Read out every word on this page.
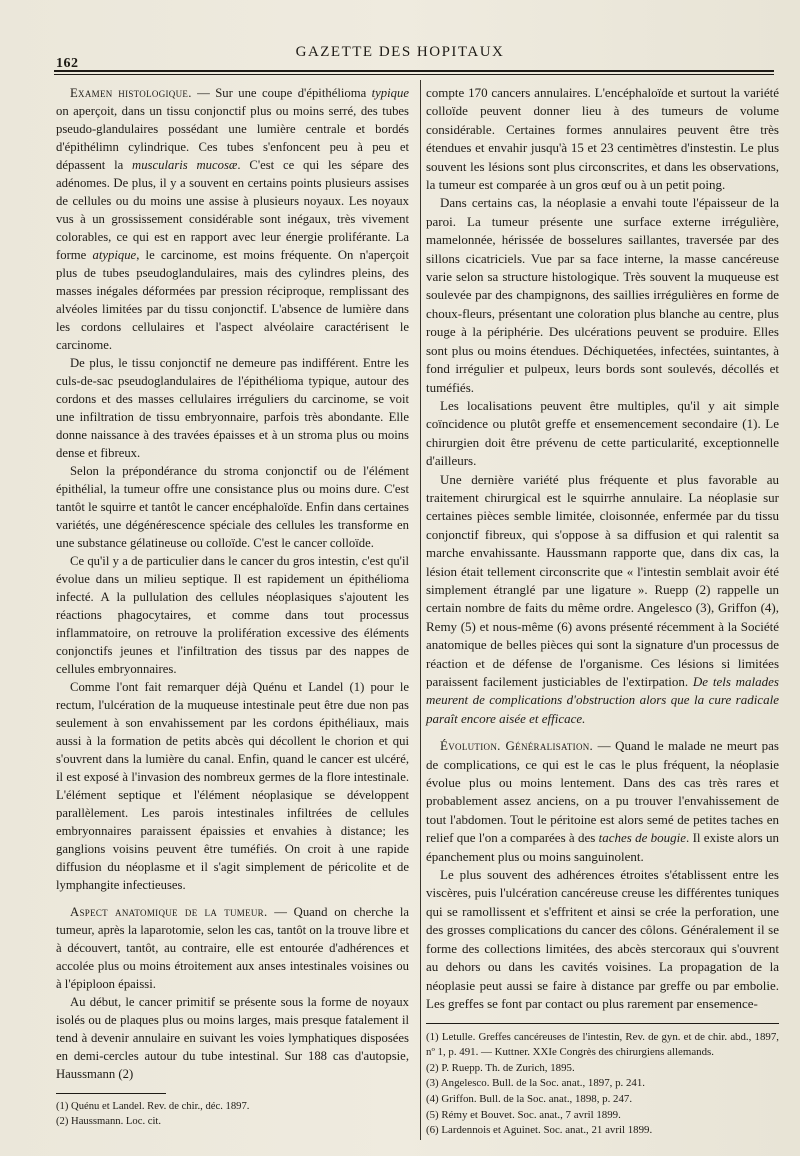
162
GAZETTE DES HOPITAUX

Examen histologique. — Sur une coupe d'épithélioma typique on aperçoit, dans un tissu conjonctif plus ou moins serré, des tubes pseudo-glandulaires possédant une lumière centrale et bordés d'épithélimn cylindrique. Ces tubes s'enfoncent peu à peu et dépassent la muscularis mucosæ. C'est ce qui les sépare des adénomes. De plus, il y a souvent en certains points plusieurs assises de cellules ou du moins une assise à plusieurs noyaux. Les noyaux vus à un grossissement considérable sont inégaux, très vivement colorables, ce qui est en rapport avec leur énergie proliférante. La forme atypique, le carcinome, est moins fréquente. On n'aperçoit plus de tubes pseudoglandulaires, mais des cylindres pleins, des masses inégales déformées par pression réciproque, remplissant des alvéoles limitées par du tissu conjonctif. L'absence de lumière dans les cordons cellulaires et l'aspect alvéolaire caractérisent le carcinome.

De plus, le tissu conjonctif ne demeure pas indifférent. Entre les culs-de-sac pseudoglandulaires de l'épithélioma typique, autour des cordons et des masses cellulaires irréguliers du carcinome, se voit une infiltration de tissu embryonnaire, parfois très abondante. Elle donne naissance à des travées épaisses et à un stroma plus ou moins dense et fibreux.

Selon la prépondérance du stroma conjonctif ou de l'élément épithélial, la tumeur offre une consistance plus ou moins dure. C'est tantôt le squirre et tantôt le cancer encéphaloïde. Enfin dans certaines variétés, une dégénérescence spéciale des cellules les transforme en une substance gélatineuse ou colloïde. C'est le cancer colloïde.

Ce qu'il y a de particulier dans le cancer du gros intestin, c'est qu'il évolue dans un milieu septique. Il est rapidement un épithélioma infecté. A la pullulation des cellules néoplasiques s'ajoutent les réactions phagocytaires, et comme dans tout processus inflammatoire, on retrouve la prolifération excessive des éléments conjonctifs jeunes et l'infiltration des tissus par des nappes de cellules embryonnaires.

Comme l'ont fait remarquer déjà Quénu et Landel (1) pour le rectum, l'ulcération de la muqueuse intestinale peut être due non pas seulement à son envahissement par les cordons épithéliaux, mais aussi à la formation de petits abcès qui décollent le chorion et qui s'ouvrent dans la lumière du canal. Enfin, quand le cancer est ulcéré, il est exposé à l'invasion des nombreux germes de la flore intestinale. L'élément septique et l'élément néoplasique se développent parallèlement. Les parois intestinales infiltrées de cellules embryonnaires paraissent épaissies et envahies à distance; les ganglions voisins peuvent être tuméfiés. On croit à une rapide diffusion du néoplasme et il s'agit simplement de péricolite et de lymphangite infectieuses.

Aspect anatomique de la tumeur. — Quand on cherche la tumeur, après la laparotomie, selon les cas, tantôt on la trouve libre et à découvert, tantôt, au contraire, elle est entourée d'adhérences et accolée plus ou moins étroitement aux anses intestinales voisines ou à l'épiploon épaissi.

Au début, le cancer primitif se présente sous la forme de noyaux isolés ou de plaques plus ou moins larges, mais presque fatalement il tend à devenir annulaire en suivant les voies lymphatiques disposées en demi-cercles autour du tube intestinal. Sur 188 cas d'autopsie, Haussmann (2)

(1) Quénu et Landel. Rev. de chir., déc. 1897.
(2) Haussmann. Loc. cit.

compte 170 cancers annulaires. L'encéphaloïde et surtout la variété colloïde peuvent donner lieu à des tumeurs de volume considérable. Certaines formes annulaires peuvent être très étendues et envahir jusqu'à 15 et 23 centimètres d'instestin. Le plus souvent les lésions sont plus circonscrites, et dans les observations, la tumeur est comparée à un gros œuf ou à un petit poing.

Dans certains cas, la néoplasie a envahi toute l'épaisseur de la paroi. La tumeur présente une surface externe irrégulière, mamelonnée, hérissée de bosselures saillantes, traversée par des sillons cicatriciels. Vue par sa face interne, la masse cancéreuse varie selon sa structure histologique. Très souvent la muqueuse est soulevée par des champignons, des saillies irrégulières en forme de choux-fleurs, présentant une coloration plus blanche au centre, plus rouge à la périphérie. Des ulcérations peuvent se produire. Elles sont plus ou moins étendues. Déchiquetées, infectées, suintantes, à fond irrégulier et pulpeux, leurs bords sont soulevés, décollés et tuméfiés.

Les localisations peuvent être multiples, qu'il y ait simple coïncidence ou plutôt greffe et ensemencement secondaire (1). Le chirurgien doit être prévenu de cette particularité, exceptionnelle d'ailleurs.

Une dernière variété plus fréquente et plus favorable au traitement chirurgical est le squirrhe annulaire. La néoplasie sur certaines pièces semble limitée, cloisonnée, enfermée par du tissu conjonctif fibreux, qui s'oppose à sa diffusion et qui ralentit sa marche envahissante. Haussmann rapporte que, dans dix cas, la lésion était tellement circonscrite que « l'intestin semblait avoir été simplement étranglé par une ligature ». Ruepp (2) rappelle un certain nombre de faits du même ordre. Angelesco (3), Griffon (4), Remy (5) et nous-même (6) avons présenté récemment à la Société anatomique de belles pièces qui sont la signature d'un processus de réaction et de défense de l'organisme. Ces lésions si limitées paraissent facilement justiciables de l'extirpation. De tels malades meurent de complications d'obstruction alors que la cure radicale paraît encore aisée et efficace.

Évolution. Généralisation. — Quand le malade ne meurt pas de complications, ce qui est le cas le plus fréquent, la néoplasie évolue plus ou moins lentement. Dans des cas très rares et probablement assez anciens, on a pu trouver l'envahissement de tout l'abdomen. Tout le péritoine est alors semé de petites taches en relief que l'on a comparées à des taches de bougie. Il existe alors un épanchement plus ou moins sanguinolent.

Le plus souvent des adhérences étroites s'établissent entre les viscères, puis l'ulcération cancéreuse creuse les différentes tuniques qui se ramollissent et s'effritent et ainsi se crée la perforation, une des grosses complications du cancer des côlons. Généralement il se forme des collections limitées, des abcès stercoraux qui s'ouvrent au dehors ou dans les cavités voisines. La propagation de la néoplasie peut aussi se faire à distance par greffe ou par embolie. Les greffes se font par contact ou plus rarement par ensemence-

(1) Letulle. Greffes cancéreuses de l'intestin, Rev. de gyn. et de chir. abd., 1897, nº 1, p. 491. — Kuttner. XXIe Congrès des chirurgiens allemands.
(2) P. Ruepp. Th. de Zurich, 1895.
(3) Angelesco. Bull. de la Soc. anat., 1897, p. 241.
(4) Griffon. Bull. de la Soc. anat., 1898, p. 247.
(5) Rémy et Bouvet. Soc. anat., 7 avril 1899.
(6) Lardennois et Aguinet. Soc. anat., 21 avril 1899.
